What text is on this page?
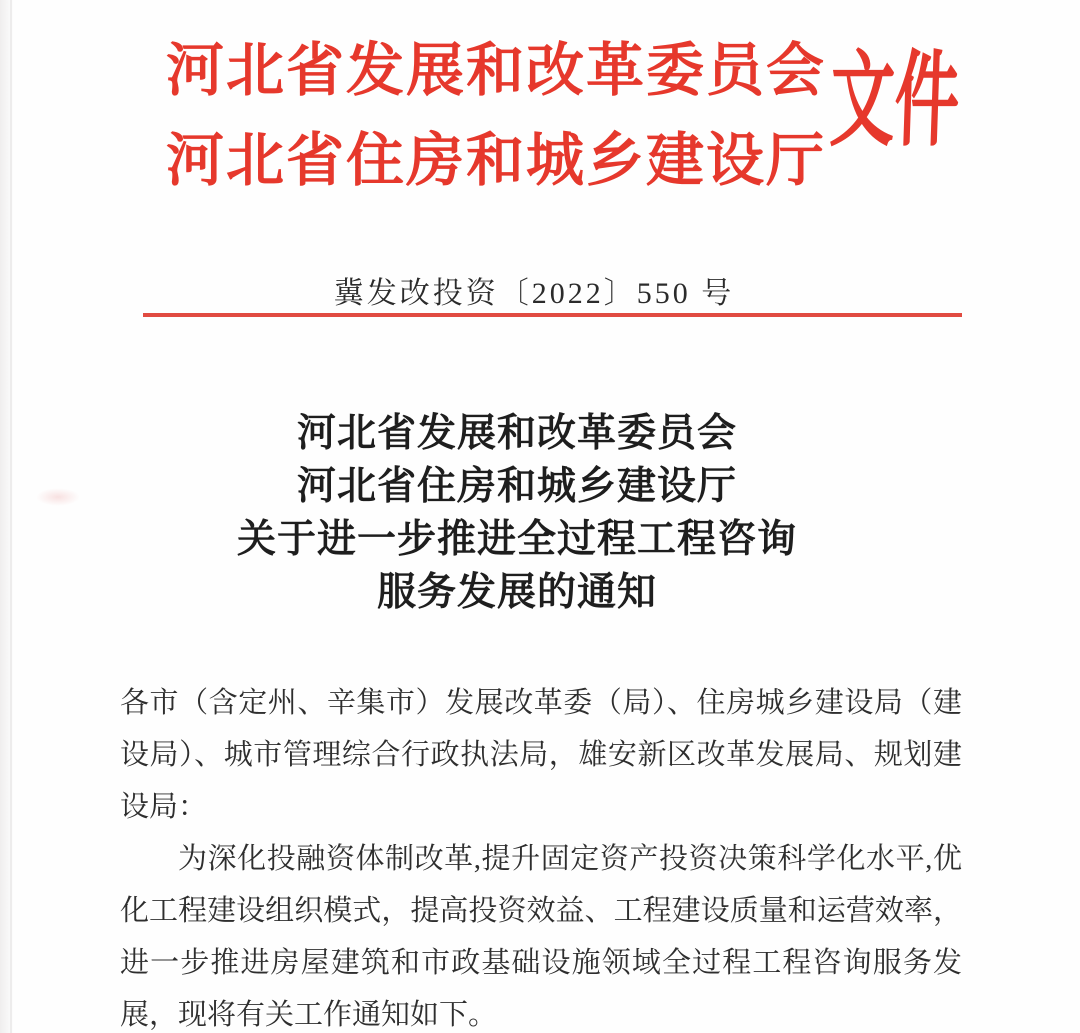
河北省发展和改革委员会
河北省住房和城乡建设厅
文件
冀发改投资〔2022〕550 号
河北省发展和改革委员会
河北省住房和城乡建设厅
关于进一步推进全过程工程咨询
服务发展的通知

各市（含定州、辛集市）发展改革委（局）、住房城乡建设局（建设局）、城市管理综合行政执法局，雄安新区改革发展局、规划建设局：

为深化投融资体制改革,提升固定资产投资决策科学化水平,优化工程建设组织模式，提高投资效益、工程建设质量和运营效率，进一步推进房屋建筑和市政基础设施领域全过程工程咨询服务发展，现将有关工作通知如下。
